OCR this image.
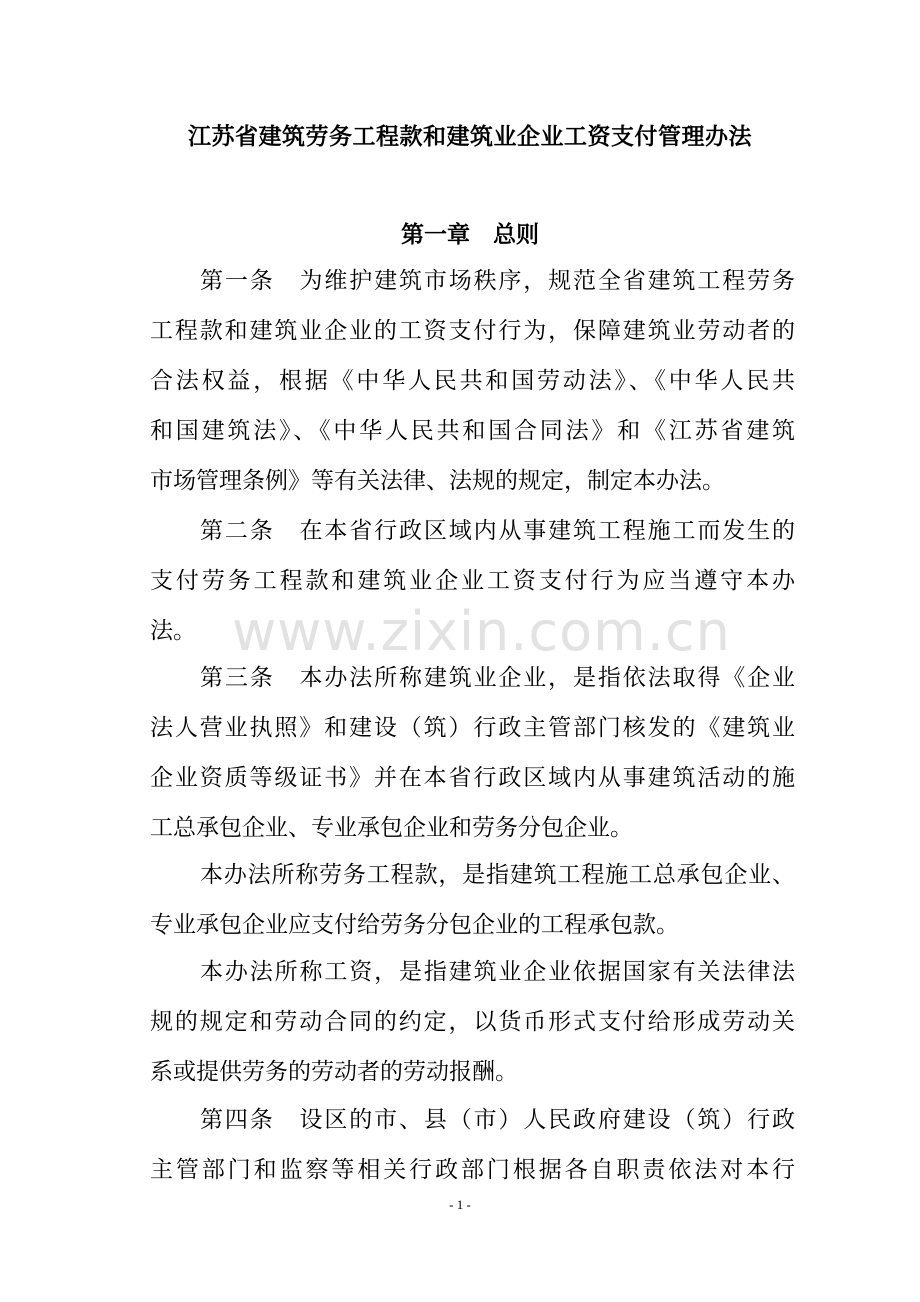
江苏省建筑劳务工程款和建筑业企业工资支付管理办法
第一章　总则

第一条　为维护建筑市场秩序，规范全省建筑工程劳务

工程款和建筑业企业的工资支付行为，保障建筑业劳动者的

合法权益，根据《中华人民共和国劳动法》、《中华人民共

和国建筑法》、《中华人民共和国合同法》和《江苏省建筑

市场管理条例》等有关法律、法规的规定，制定本办法。

第二条　在本省行政区域内从事建筑工程施工而发生的

支付劳务工程款和建筑业企业工资支付行为应当遵守本办

法。

第三条　本办法所称建筑业企业，是指依法取得《企业

法人营业执照》和建设（筑）行政主管部门核发的《建筑业

企业资质等级证书》并在本省行政区域内从事建筑活动的施

工总承包企业、专业承包企业和劳务分包企业。

本办法所称劳务工程款，是指建筑工程施工总承包企业、

专业承包企业应支付给劳务分包企业的工程承包款。

本办法所称工资，是指建筑业企业依据国家有关法律法

规的规定和劳动合同的约定，以货币形式支付给形成劳动关

系或提供劳务的劳动者的劳动报酬。

第四条　设区的市、县（市）人民政府建设（筑）行政

主管部门和监察等相关行政部门根据各自职责依法对本行

www.zixin.com.cn
- 1 -
